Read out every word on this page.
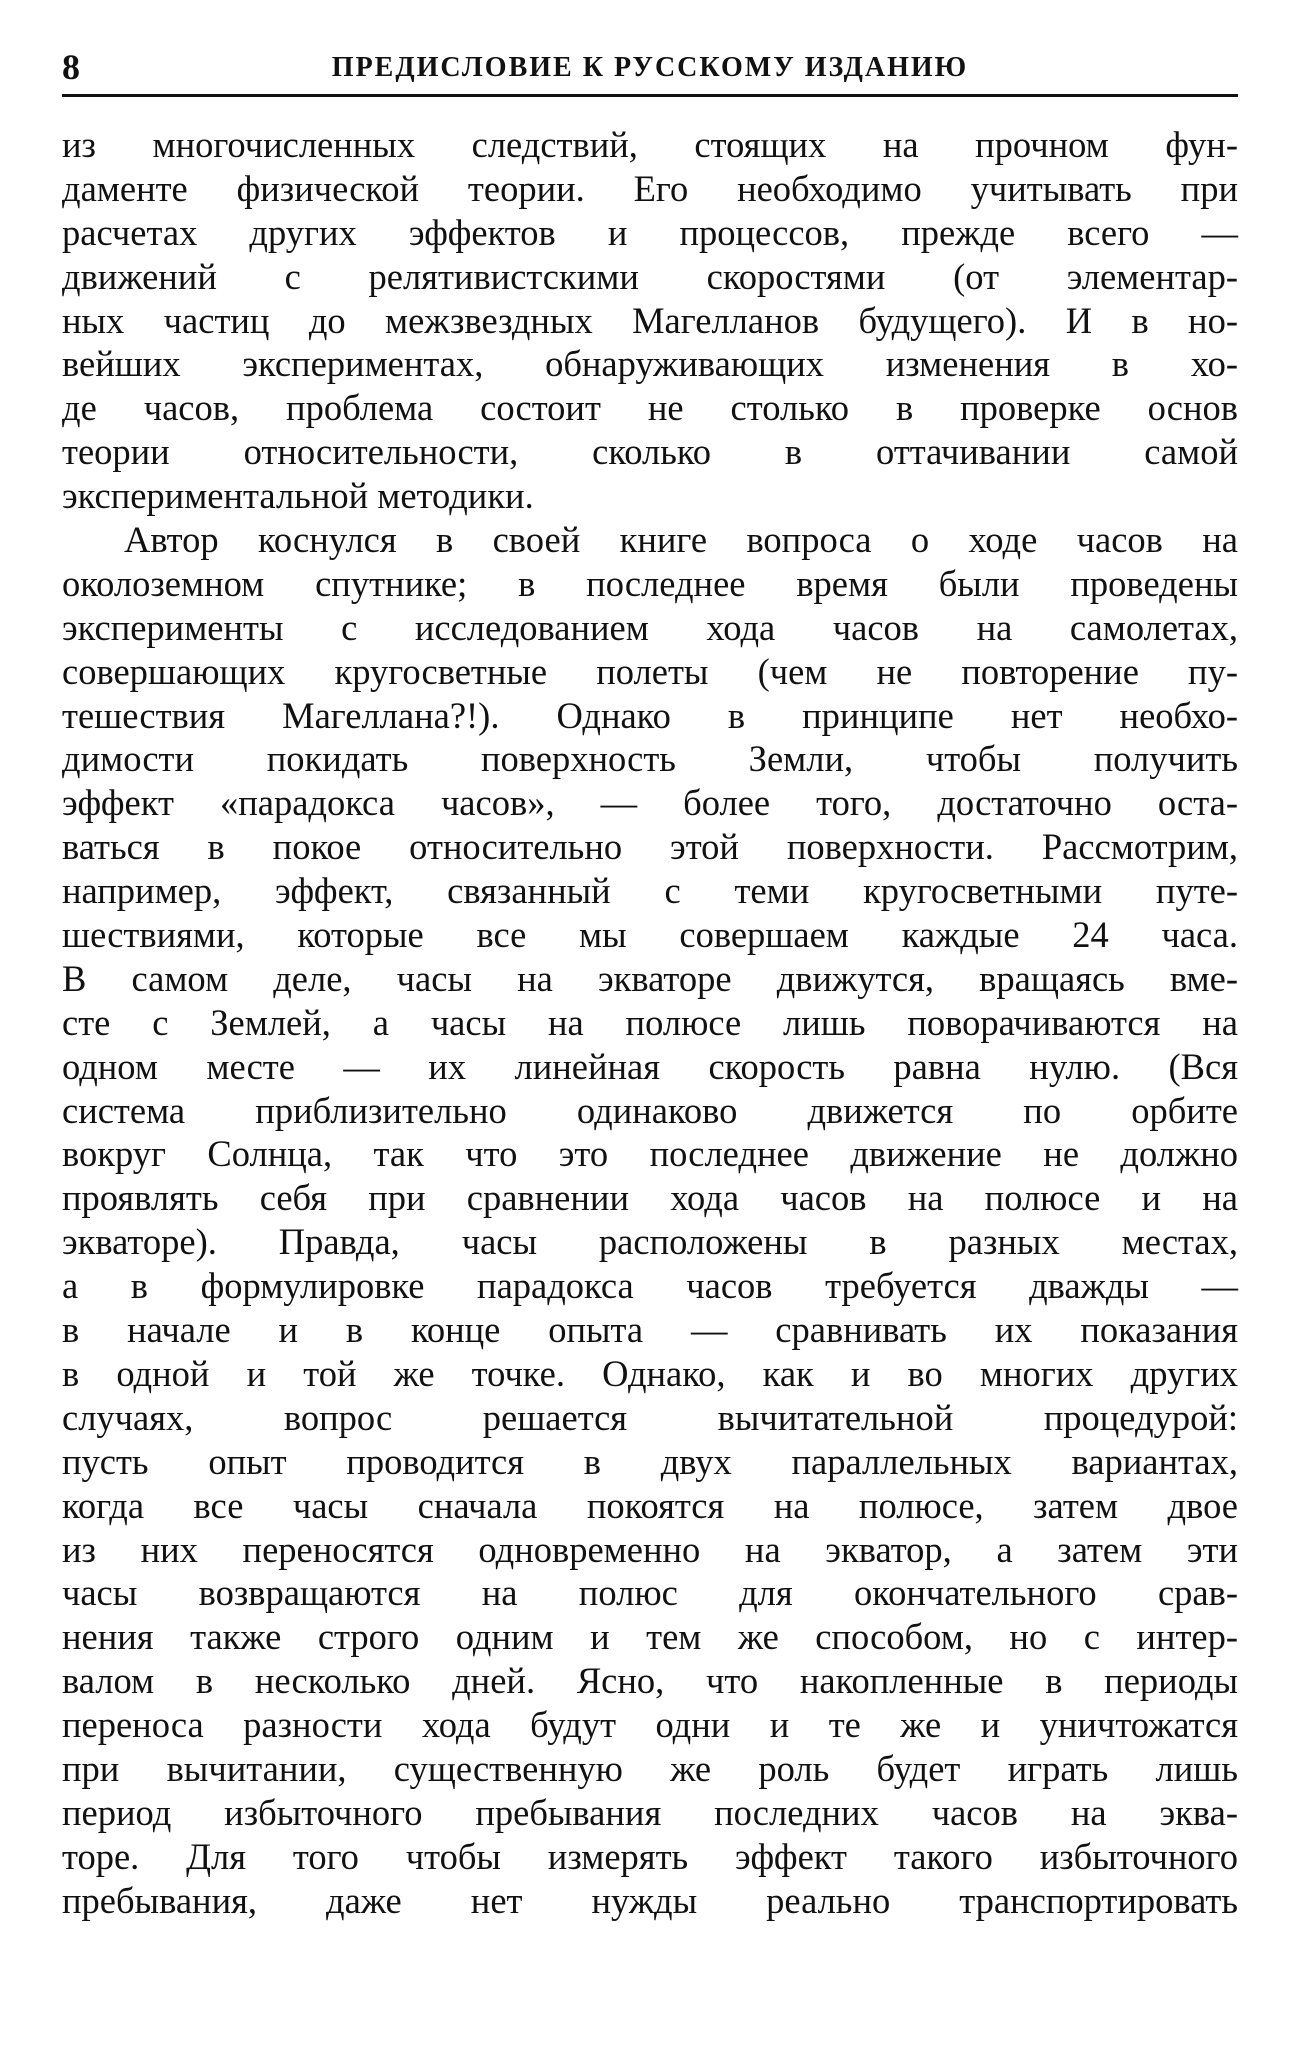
8	ПРЕДИСЛОВИЕ К РУССКОМУ ИЗДАНИЮ
из многочисленных следствий, стоящих на прочном фун-
даменте физической теории. Его необходимо учитывать при
расчетах других эффектов и процессов, прежде всего —
движений с релятивистскими скоростями (от элементар-
ных частиц до межзвездных Магелланов будущего). И в но-
вейших экспериментах, обнаруживающих изменения в хо-
де часов, проблема состоит не столько в проверке основ
теории относительности, сколько в оттачивании самой
экспериментальной методики.
Автор коснулся в своей книге вопроса о ходе часов на
околоземном спутнике; в последнее время были проведены
эксперименты с исследованием хода часов на самолетах,
совершающих кругосветные полеты (чем не повторение пу-
тешествия Магеллана?!). Однако в принципе нет необхо-
димости покидать поверхность Земли, чтобы получить
эффект «парадокса часов», — более того, достаточно оста-
ваться в покое относительно этой поверхности. Рассмотрим,
например, эффект, связанный с теми кругосветными путе-
шествиями, которые все мы совершаем каждые 24 часа.
В самом деле, часы на экваторе движутся, вращаясь вме-
сте с Землей, а часы на полюсе лишь поворачиваются на
одном месте — их линейная скорость равна нулю. (Вся
система приблизительно одинаково движется по орбите
вокруг Солнца, так что это последнее движение не должно
проявлять себя при сравнении хода часов на полюсе и на
экваторе). Правда, часы расположены в разных местах,
а в формулировке парадокса часов требуется дважды —
в начале и в конце опыта — сравнивать их показания
в одной и той же точке. Однако, как и во многих других
случаях, вопрос решается вычитательной процедурой:
пусть опыт проводится в двух параллельных вариантах,
когда все часы сначала покоятся на полюсе, затем двое
из них переносятся одновременно на экватор, а затем эти
часы возвращаются на полюс для окончательного срав-
нения также строго одним и тем же способом, но с интер-
валом в несколько дней. Ясно, что накопленные в периоды
переноса разности хода будут одни и те же и уничтожатся
при вычитании, существенную же роль будет играть лишь
период избыточного пребывания последних часов на эква-
торе. Для того чтобы измерять эффект такого избыточного
пребывания, даже нет нужды реально транспортировать
